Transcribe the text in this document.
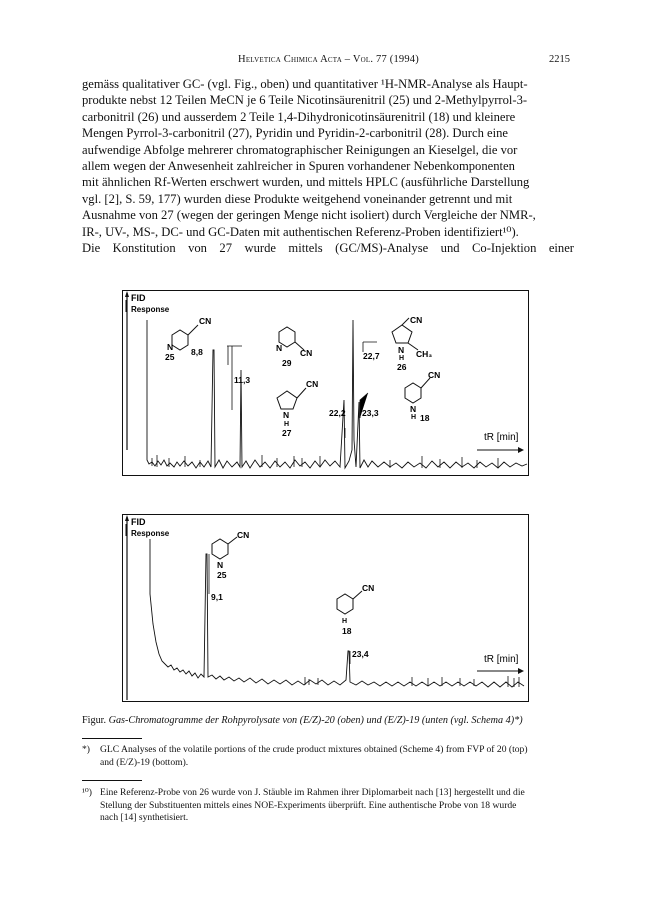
Helvetica Chimica Acta – Vol. 77 (1994)	2215

gemäss qualitativer GC- (vgl. Fig., oben) und quantitativer ¹H-NMR-Analyse als Haupt-

produkte nebst 12 Teilen MeCN je 6 Teile Nicotinsäurenitril (25) und 2-Methylpyrrol-3-

carbonitril (26) und ausserdem 2 Teile 1,4-Dihydronicotinsäurenitril (18) und kleinere

Mengen Pyrrol-3-carbonitril (27), Pyridin und Pyridin-2-carbonitril (28). Durch eine

aufwendige Abfolge mehrerer chromatographischer Reinigungen an Kieselgel, die vor

allem wegen der Anwesenheit zahlreicher in Spuren vorhandener Nebenkomponenten

mit ähnlichen Rf-Werten erschwert wurden, und mittels HPLC (ausführliche Darstellung

vgl. [2], S. 59, 177) wurden diese Produkte weitgehend voneinander getrennt und mit

Ausnahme von 27 (wegen der geringen Menge nicht isoliert) durch Vergleiche der NMR-,

IR-, UV-, MS-, DC- und GC-Daten mit authentischen Referenz-Proben identifiziert¹⁰).

Die Konstitution von 27 wurde mittels (GC/MS)-Analyse und Co-Injektion einer

FID
Response
8,8
25
11,3
22,2
22,7
23,3
CN
N
CN
N
29
CN
N
H
27
CN
CH₃
N
H
26
CN
N
H 18
tR [min]
FID
Response
9,1
23,4
CN
N
25
CN
H
18
tR [min]
Figur. Gas-Chromatogramme der Rohpyrolysate von (E/Z)-20 (oben) und (E/Z)-19 (unten (vgl. Schema 4)*)
*) GLC Analyses of the volatile portions of the crude product mixtures obtained (Scheme 4) from FVP of 20 (top)
and (E/Z)-19 (bottom).
¹⁰) Eine Referenz-Probe von 26 wurde von J. Stäuble im Rahmen ihrer Diplomarbeit nach [13] hergestellt und die
Stellung der Substituenten mittels eines NOE-Experiments überprüft. Eine authentische Probe von 18 wurde
nach [14] synthetisiert.
